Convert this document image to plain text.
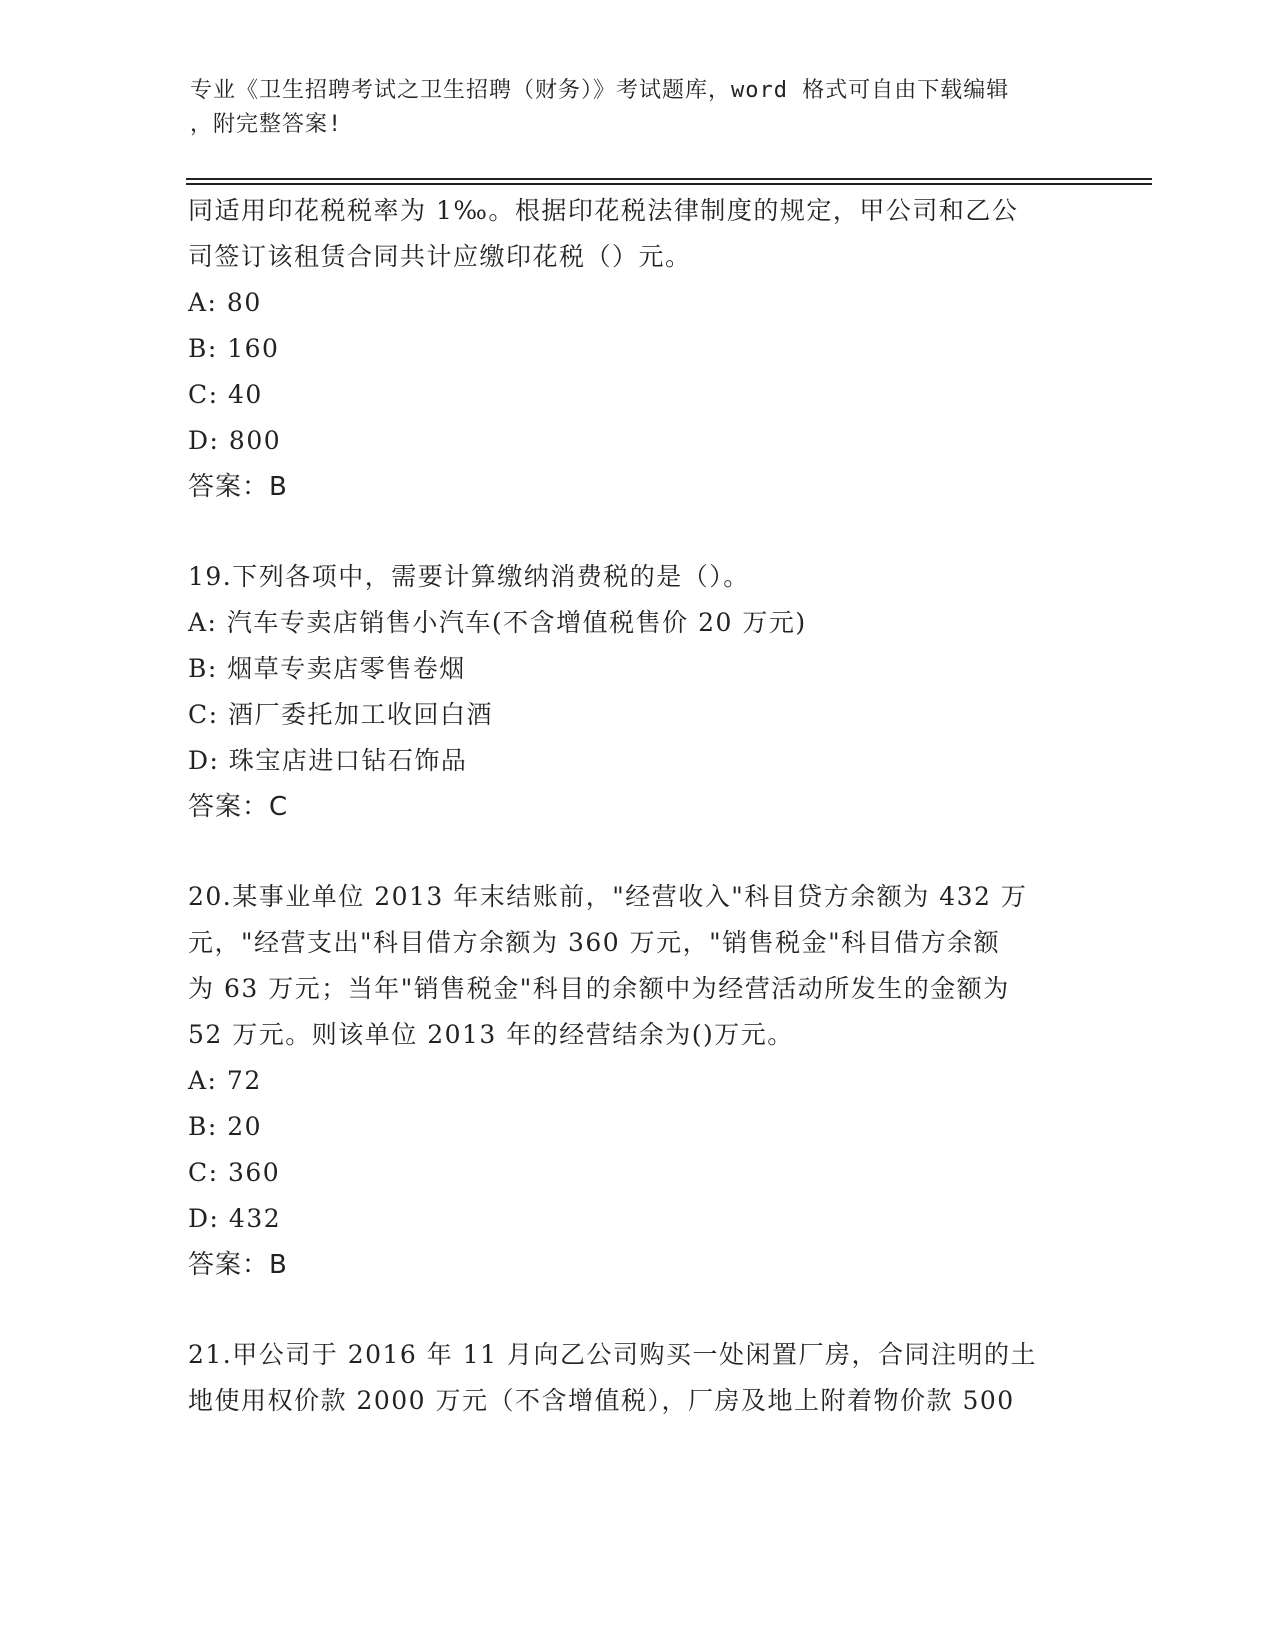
专业《卫生招聘考试之卫生招聘（财务）》考试题库，word 格式可自由下载编辑
，附完整答案!
同适用印花税税率为 1‰。根据印花税法律制度的规定，甲公司和乙公
司签订该租赁合同共计应缴印花税（）元。
A: 80
B: 160
C: 40
D: 800
答案：B
19.下列各项中，需要计算缴纳消费税的是（）。
A: 汽车专卖店销售小汽车(不含增值税售价 20 万元)
B: 烟草专卖店零售卷烟
C: 酒厂委托加工收回白酒
D: 珠宝店进口钻石饰品
答案：C
20.某事业单位 2013 年末结账前，"经营收入"科目贷方余额为 432 万
元，"经营支出"科目借方余额为 360 万元，"销售税金"科目借方余额
为 63 万元；当年"销售税金"科目的余额中为经营活动所发生的金额为
52 万元。则该单位 2013 年的经营结余为()万元。
A: 72
B: 20
C: 360
D: 432
答案：B
21.甲公司于 2016 年 11 月向乙公司购买一处闲置厂房，合同注明的土
地使用权价款 2000 万元（不含增值税），厂房及地上附着物价款 500
